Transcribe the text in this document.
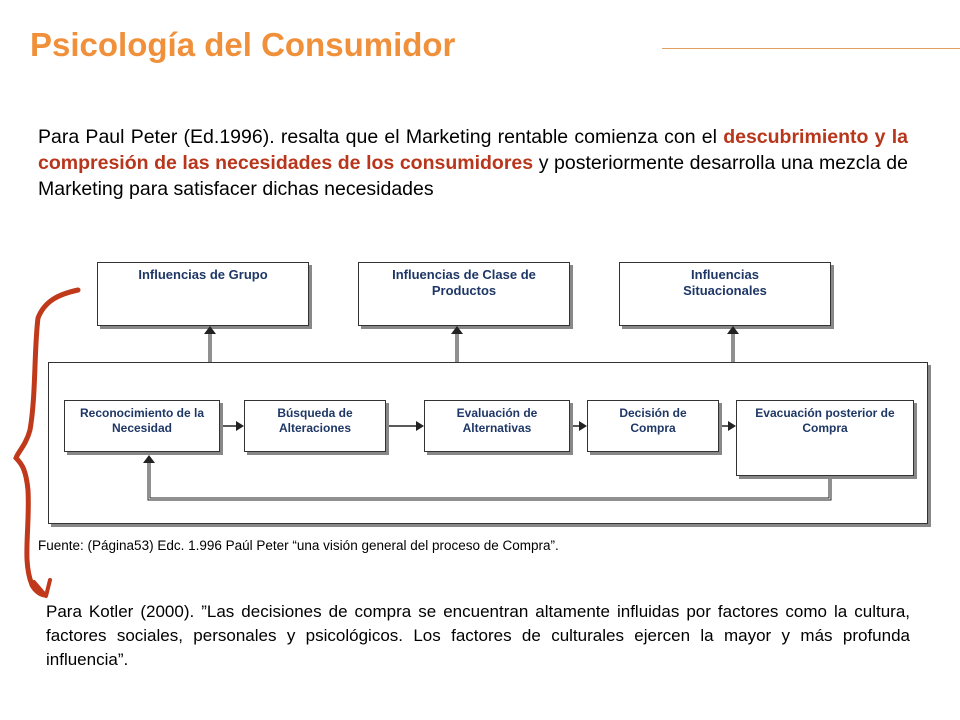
Psicología del Consumidor
Para Paul Peter (Ed.1996). resalta que el Marketing rentable comienza con el descubrimiento y la compresión de las necesidades de los consumidores y posteriormente desarrolla una mezcla de Marketing para satisfacer dichas necesidades
Influencias de Grupo	Influencias de Clase de Productos
Influencias Situacionales
Reconocimiento de la Necesidad
Búsqueda de Alteraciones
Evaluación de Alternativas
Decisión de Compra
Evacuación posterior de Compra
Fuente: (Página53) Edc. 1.996 Paúl Peter “una visión general del proceso de Compra”.
Para Kotler (2000). ”Las decisiones de compra se encuentran altamente influidas por factores como la cultura, factores sociales, personales y psicológicos. Los factores de culturales ejercen la mayor y más profunda influencia”.
